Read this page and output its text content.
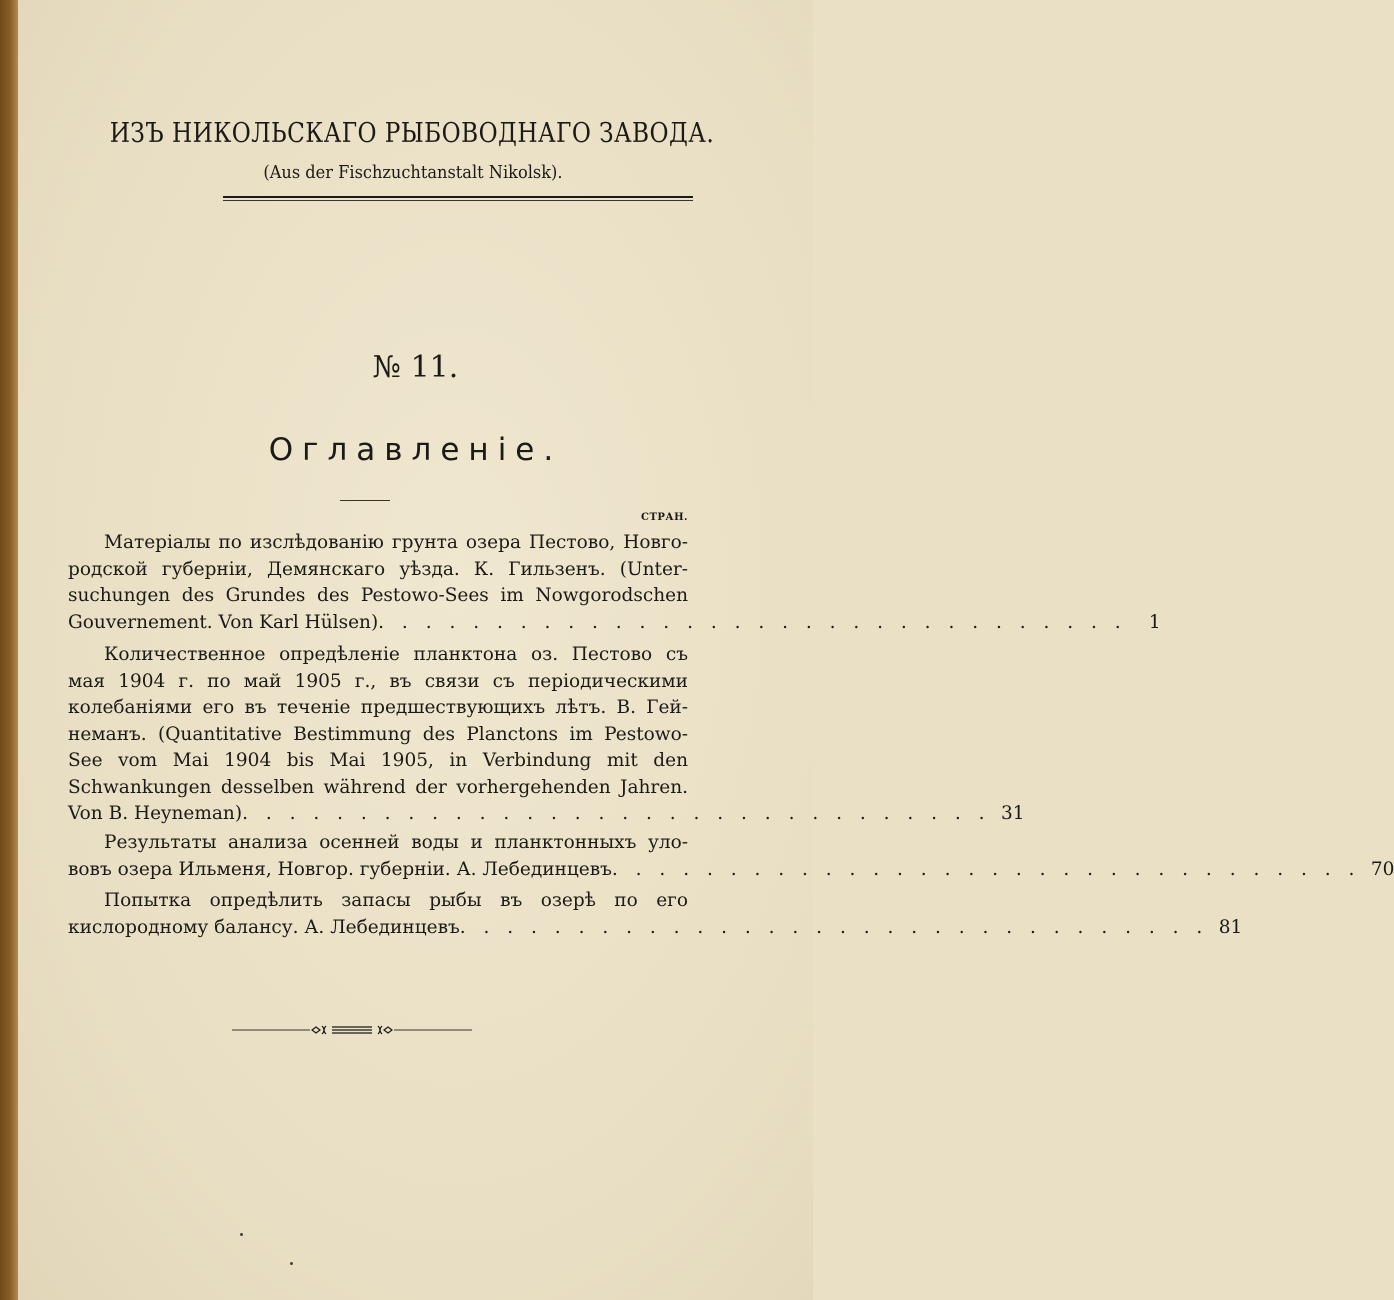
ИЗЪ НИКОЛЬСКАГО РЫБОВОДНАГО ЗАВОДА.
(Aus der Fischzuchtanstalt Nikolsk).
№ 11.
Оглавленіе.
СТРАН.
Матеріалы по изслѣдованію грунта озера Пестово, Новго-
родской губерніи, Демянскаго уѣзда. К. Гильзенъ. (Unter-
suchungen des Grundes des Pestowo-Sees im Nowgorodschen
Gouvernement. Von Karl Hülsen) . . . . . . . . . . . . . . . . . . . . . . . . . . . . . . . .	1
Количественное опредѣленіе планктона оз. Пестово съ
мая 1904 г. по май 1905 г., въ связи съ періодическими
колебаніями его въ теченіе предшествующихъ лѣтъ. В. Гей-
неманъ. (Quantitative Bestimmung des Planctons im Pestowo-
See vom Mai 1904 bis Mai 1905, in Verbindung mit den
Schwankungen desselben während der vorhergehenden Jahren.
Von B. Heyneman) . . . . . . . . . . . . . . . . . . . . . . . . . . . . . . . . 31
Результаты анализа осенней воды и планктонныхъ уло-
вовъ озера Ильменя, Новгор. губерніи. А. Лебединцевъ . . . . . . . . . . . . . . . . . . . . . . . . . . . . . . . . 70
Попытка опредѣлить запасы рыбы въ озерѣ по его
кислородному балансу. А. Лебединцевъ . . . . . . . . . . . . . . . . . . . . . . . . . . . . . . . . 81
